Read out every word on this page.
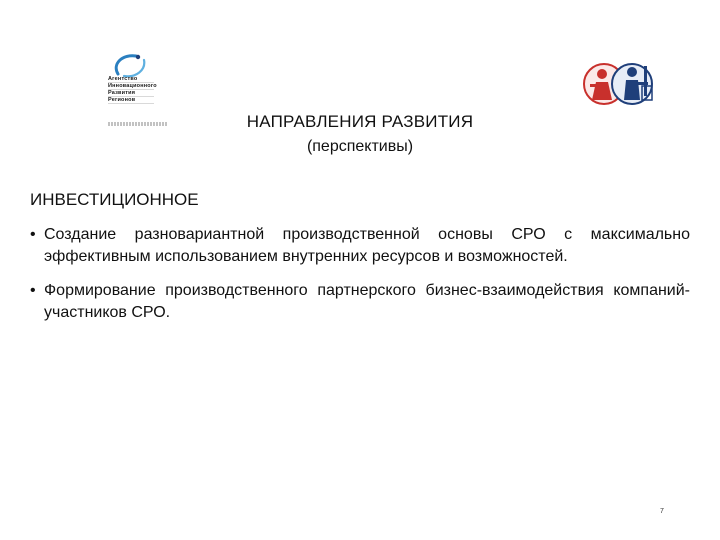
Агентство
Инновационного
Развития
Регионов
НАПРАВЛЕНИЯ РАЗВИТИЯ
(перспективы)
ИНВЕСТИЦИОННОЕ
• Создание разновариантной производственной основы СРО с максимально эффективным использованием внутренних ресурсов и возможностей.
• Формирование производственного партнерского бизнес-взаимодействия компаний-участников СРО.
7
